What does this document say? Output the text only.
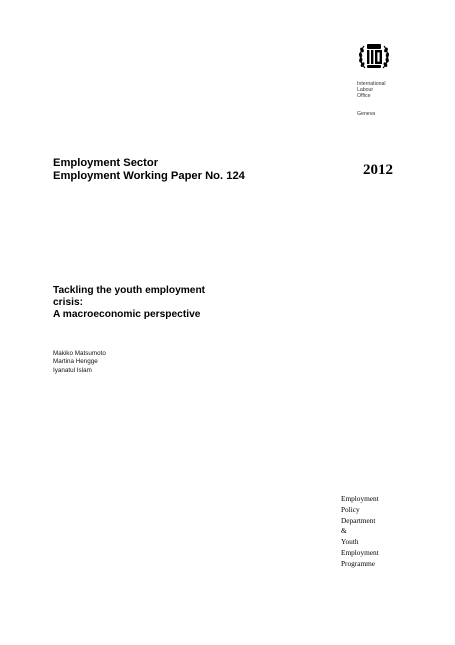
International
Labour
Office
Geneva
Employment Sector
Employment Working Paper No. 124	2012
Tackling the youth employment
crisis:
A macroeconomic perspective
Makiko Matsumoto
Martina Hengge
Iyanatul Islam
Employment
Policy
Department
&
Youth
Employment
Programme
